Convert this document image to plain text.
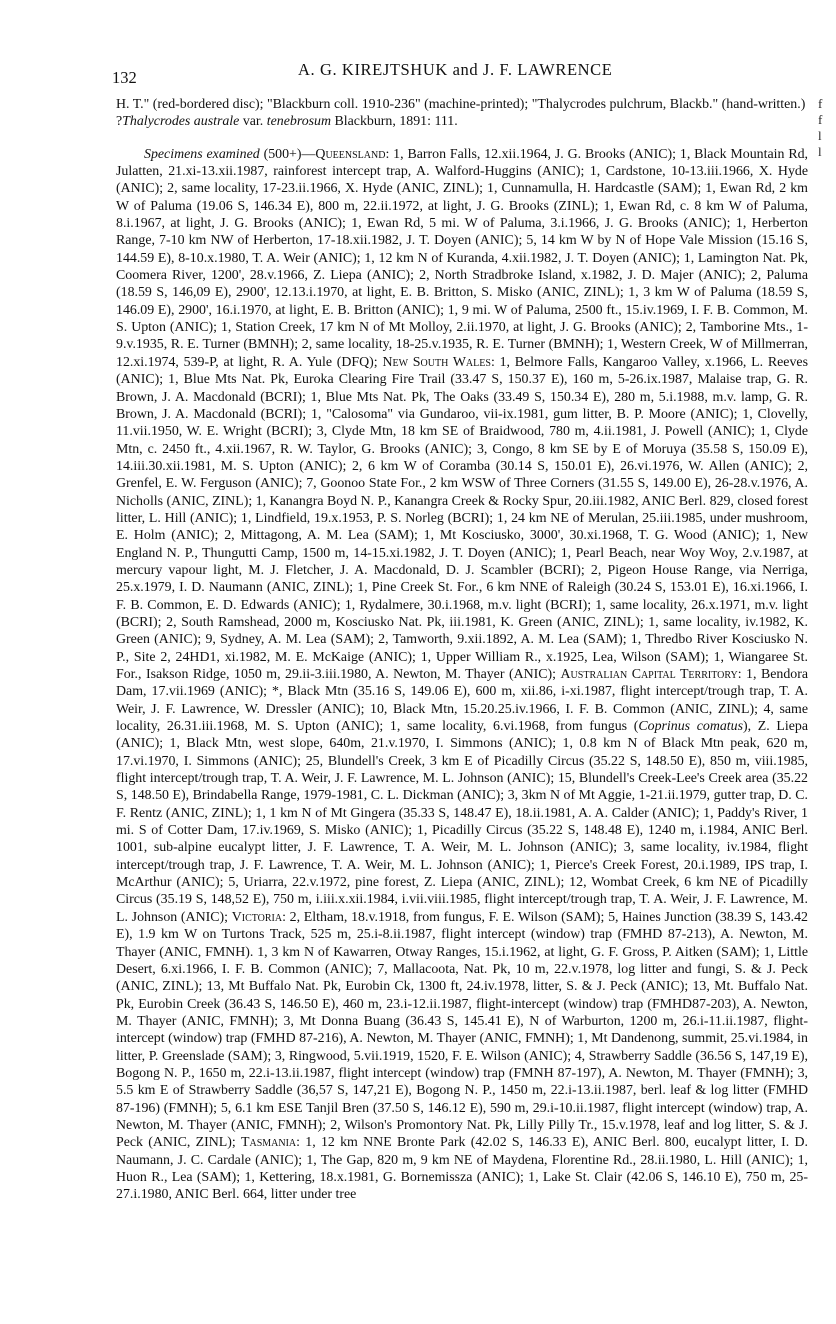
132	A. G. KIREJTSHUK and J. F. LAWRENCE

H. T." (red-bordered disc); "Blackburn coll. 1910-236" (machine-printed); "Thalycrodes pulchrum, Blackb." (hand-written.)

?Thalycrodes australe var. tenebrosum Blackburn, 1891: 111.

Specimens examined (500+)—Queensland: 1, Barron Falls, 12.xii.1964, J. G. Brooks (ANIC); 1, Black Mountain Rd, Julatten, 21.xi-13.xii.1987, rainforest intercept trap, A. Walford-Huggins (ANIC); 1, Cardstone, 10-13.iii.1966, X. Hyde (ANIC); 2, same locality, 17-23.ii.1966, X. Hyde (ANIC, ZINL); 1, Cunnamulla, H. Hardcastle (SAM); 1, Ewan Rd, 2 km W of Paluma (19.06 S, 146.34 E), 800 m, 22.ii.1972, at light, J. G. Brooks (ZINL); 1, Ewan Rd, c. 8 km W of Paluma, 8.i.1967, at light, J. G. Brooks (ANIC); 1, Ewan Rd, 5 mi. W of Paluma, 3.i.1966, J. G. Brooks (ANIC); 1, Herberton Range, 7-10 km NW of Herberton, 17-18.xii.1982, J. T. Doyen (ANIC); 5, 14 km W by N of Hope Vale Mission (15.16 S, 144.59 E), 8-10.x.1980, T. A. Weir (ANIC); 1, 12 km N of Kuranda, 4.xii.1982, J. T. Doyen (ANIC); 1, Lamington Nat. Pk, Coomera River, 1200', 28.v.1966, Z. Liepa (ANIC); 2, North Stradbroke Island, x.1982, J. D. Majer (ANIC); 2, Paluma (18.59 S, 146,09 E), 2900', 12.13.i.1970, at light, E. B. Britton, S. Misko (ANIC, ZINL); 1, 3 km W of Paluma (18.59 S, 146.09 E), 2900', 16.i.1970, at light, E. B. Britton (ANIC); 1, 9 mi. W of Paluma, 2500 ft., 15.iv.1969, I. F. B. Common, M. S. Upton (ANIC); 1, Station Creek, 17 km N of Mt Molloy, 2.ii.1970, at light, J. G. Brooks (ANIC); 2, Tamborine Mts., 1-9.v.1935, R. E. Turner (BMNH); 2, same locality, 18-25.v.1935, R. E. Turner (BMNH); 1, Western Creek, W of Millmerran, 12.xi.1974, 539-P, at light, R. A. Yule (DFQ); New South Wales: 1, Belmore Falls, Kangaroo Valley, x.1966, L. Reeves (ANIC); 1, Blue Mts Nat. Pk, Euroka Clearing Fire Trail (33.47 S, 150.37 E), 160 m, 5-26.ix.1987, Malaise trap, G. R. Brown, J. A. Macdonald (BCRI); 1, Blue Mts Nat. Pk, The Oaks (33.49 S, 150.34 E), 280 m, 5.i.1988, m.v. lamp, G. R. Brown, J. A. Macdonald (BCRI); 1, "Calosoma" via Gundaroo, vii-ix.1981, gum litter, B. P. Moore (ANIC); 1, Clovelly, 11.vii.1950, W. E. Wright (BCRI); 3, Clyde Mtn, 18 km SE of Braidwood, 780 m, 4.ii.1981, J. Powell (ANIC); 1, Clyde Mtn, c. 2450 ft., 4.xii.1967, R. W. Taylor, G. Brooks (ANIC); 3, Congo, 8 km SE by E of Moruya (35.58 S, 150.09 E), 14.iii.30.xii.1981, M. S. Upton (ANIC); 2, 6 km W of Coramba (30.14 S, 150.01 E), 26.vi.1976, W. Allen (ANIC); 2, Grenfel, E. W. Ferguson (ANIC); 7, Goonoo State For., 2 km WSW of Three Corners (31.55 S, 149.00 E), 26-28.v.1976, A. Nicholls (ANIC, ZINL); 1, Kanangra Boyd N. P., Kanangra Creek & Rocky Spur, 20.iii.1982, ANIC Berl. 829, closed forest litter, L. Hill (ANIC); 1, Lindfield, 19.x.1953, P. S. Norleg (BCRI); 1, 24 km NE of Merulan, 25.iii.1985, under mushroom, E. Holm (ANIC); 2, Mittagong, A. M. Lea (SAM); 1, Mt Kosciusko, 3000', 30.xi.1968, T. G. Wood (ANIC); 1, New England N. P., Thungutti Camp, 1500 m, 14-15.xi.1982, J. T. Doyen (ANIC); 1, Pearl Beach, near Woy Woy, 2.v.1987, at mercury vapour light, M. J. Fletcher, J. A. Macdonald, D. J. Scambler (BCRI); 2, Pigeon House Range, via Nerriga, 25.x.1979, I. D. Naumann (ANIC, ZINL); 1, Pine Creek St. For., 6 km NNE of Raleigh (30.24 S, 153.01 E), 16.xi.1966, I. F. B. Common, E. D. Edwards (ANIC); 1, Rydalmere, 30.i.1968, m.v. light (BCRI); 1, same locality, 26.x.1971, m.v. light (BCRI); 2, South Ramshead, 2000 m, Kosciusko Nat. Pk, iii.1981, K. Green (ANIC, ZINL); 1, same locality, iv.1982, K. Green (ANIC); 9, Sydney, A. M. Lea (SAM); 2, Tamworth, 9.xii.1892, A. M. Lea (SAM); 1, Thredbo River Kosciusko N. P., Site 2, 24HD1, xi.1982, M. E. McKaige (ANIC); 1, Upper William R., x.1925, Lea, Wilson (SAM); 1, Wiangaree St. For., Isakson Ridge, 1050 m, 29.ii-3.iii.1980, A. Newton, M. Thayer (ANIC); Australian Capital Territory: 1, Bendora Dam, 17.vii.1969 (ANIC); *, Black Mtn (35.16 S, 149.06 E), 600 m, xii.86, i-xi.1987, flight intercept/trough trap, T. A. Weir, J. F. Lawrence, W. Dressler (ANIC); 10, Black Mtn, 15.20.25.iv.1966, I. F. B. Common (ANIC, ZINL); 4, same locality, 26.31.iii.1968, M. S. Upton (ANIC); 1, same locality, 6.vi.1968, from fungus (Coprinus comatus), Z. Liepa (ANIC); 1, Black Mtn, west slope, 640m, 21.v.1970, I. Simmons (ANIC); 1, 0.8 km N of Black Mtn peak, 620 m, 17.vi.1970, I. Simmons (ANIC); 25, Blundell's Creek, 3 km E of Picadilly Circus (35.22 S, 148.50 E), 850 m, viii.1985, flight intercept/trough trap, T. A. Weir, J. F. Lawrence, M. L. Johnson (ANIC); 15, Blundell's Creek-Lee's Creek area (35.22 S, 148.50 E), Brindabella Range, 1979-1981, C. L. Dickman (ANIC); 3, 3km N of Mt Aggie, 1-21.ii.1979, gutter trap, D. C. F. Rentz (ANIC, ZINL); 1, 1 km N of Mt Gingera (35.33 S, 148.47 E), 18.ii.1981, A. A. Calder (ANIC); 1, Paddy's River, 1 mi. S of Cotter Dam, 17.iv.1969, S. Misko (ANIC); 1, Picadilly Circus (35.22 S, 148.48 E), 1240 m, i.1984, ANIC Berl. 1001, sub-alpine eucalypt litter, J. F. Lawrence, T. A. Weir, M. L. Johnson (ANIC); 3, same locality, iv.1984, flight intercept/trough trap, J. F. Lawrence, T. A. Weir, M. L. Johnson (ANIC); 1, Pierce's Creek Forest, 20.i.1989, IPS trap, I. McArthur (ANIC); 5, Uriarra, 22.v.1972, pine forest, Z. Liepa (ANIC, ZINL); 12, Wombat Creek, 6 km NE of Picadilly Circus (35.19 S, 148,52 E), 750 m, i.iii.x.xii.1984, i.vii.viii.1985, flight intercept/trough trap, T. A. Weir, J. F. Lawrence, M. L. Johnson (ANIC); Victoria: 2, Eltham, 18.v.1918, from fungus, F. E. Wilson (SAM); 5, Haines Junction (38.39 S, 143.42 E), 1.9 km W on Turtons Track, 525 m, 25.i-8.ii.1987, flight intercept (window) trap (FMHD 87-213), A. Newton, M. Thayer (ANIC, FMNH). 1, 3 km N of Kawarren, Otway Ranges, 15.i.1962, at light, G. F. Gross, P. Aitken (SAM); 1, Little Desert, 6.xi.1966, I. F. B. Common (ANIC); 7, Mallacoota, Nat. Pk, 10 m, 22.v.1978, log litter and fungi, S. & J. Peck (ANIC, ZINL); 13, Mt Buffalo Nat. Pk, Eurobin Ck, 1300 ft, 24.iv.1978, litter, S. & J. Peck (ANIC); 13, Mt. Buffalo Nat. Pk, Eurobin Creek (36.43 S, 146.50 E), 460 m, 23.i-12.ii.1987, flight-intercept (window) trap (FMHD87-203), A. Newton, M. Thayer (ANIC, FMNH); 3, Mt Donna Buang (36.43 S, 145.41 E), N of Warburton, 1200 m, 26.i-11.ii.1987, flight-intercept (window) trap (FMHD 87-216), A. Newton, M. Thayer (ANIC, FMNH); 1, Mt Dandenong, summit, 25.vi.1984, in litter, P. Greenslade (SAM); 3, Ringwood, 5.vii.1919, 1520, F. E. Wilson (ANIC); 4, Strawberry Saddle (36.56 S, 147,19 E), Bogong N. P., 1650 m, 22.i-13.ii.1987, flight intercept (window) trap (FMNH 87-197), A. Newton, M. Thayer (FMNH); 3, 5.5 km E of Strawberry Saddle (36,57 S, 147,21 E), Bogong N. P., 1450 m, 22.i-13.ii.1987, berl. leaf & log litter (FMHD 87-196) (FMNH); 5, 6.1 km ESE Tanjil Bren (37.50 S, 146.12 E), 590 m, 29.i-10.ii.1987, flight intercept (window) trap, A. Newton, M. Thayer (ANIC, FMNH); 2, Wilson's Promontory Nat. Pk, Lilly Pilly Tr., 15.v.1978, leaf and log litter, S. & J. Peck (ANIC, ZINL); Tasmania: 1, 12 km NNE Bronte Park (42.02 S, 146.33 E), ANIC Berl. 800, eucalypt litter, I. D. Naumann, J. C. Cardale (ANIC); 1, The Gap, 820 m, 9 km NE of Maydena, Florentine Rd., 28.ii.1980, L. Hill (ANIC); 1, Huon R., Lea (SAM); 1, Kettering, 18.x.1981, G. Bornemissza (ANIC); 1, Lake St. Clair (42.06 S, 146.10 E), 750 m, 25-27.i.1980, ANIC Berl. 664, litter under tree

f
f
l
l
